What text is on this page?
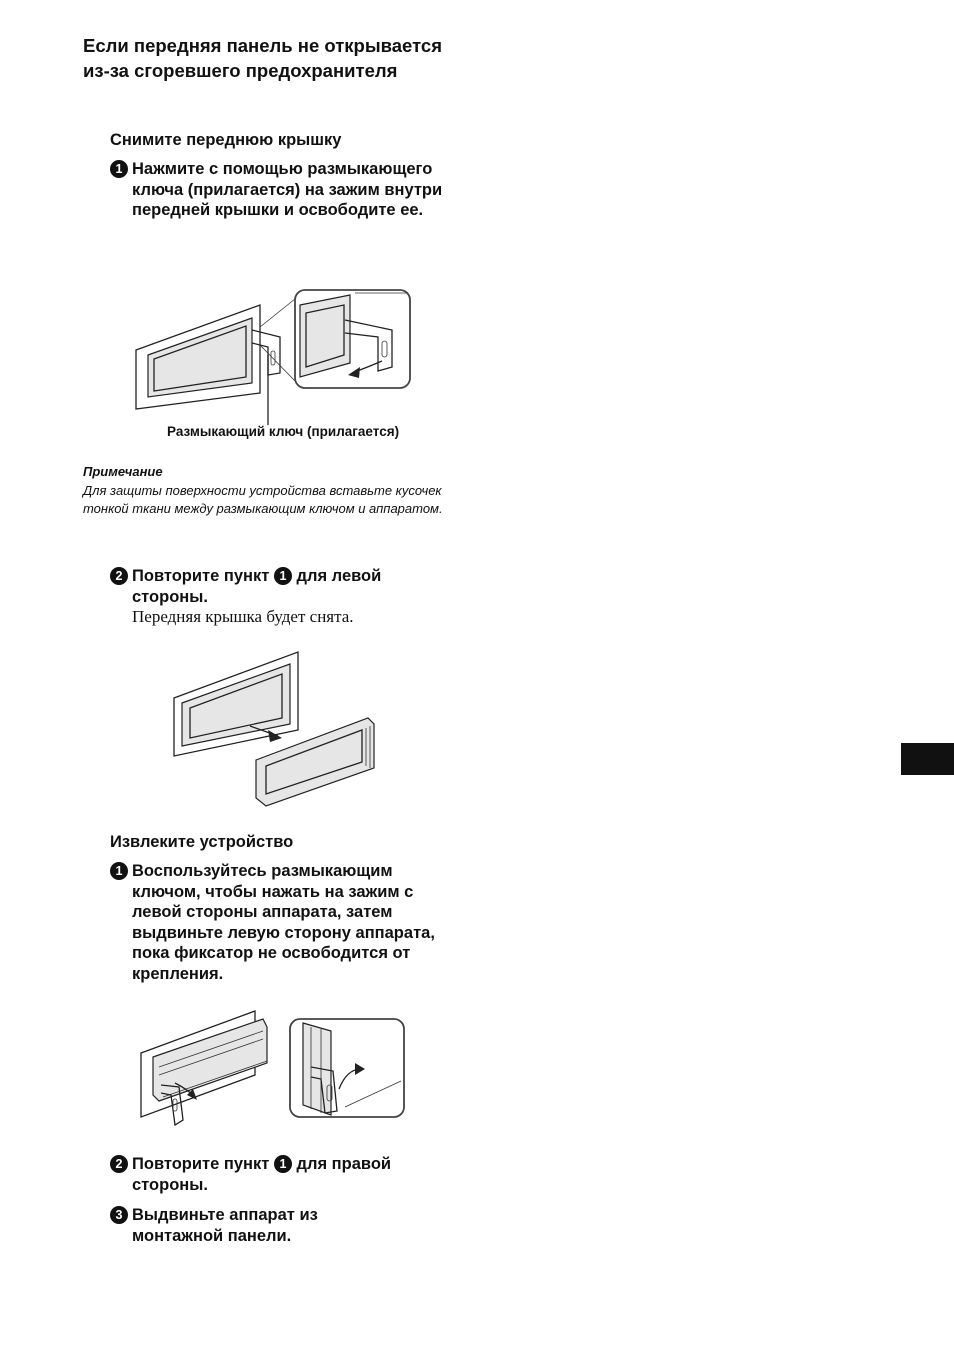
Если передняя панель не открывается из-за сгоревшего предохранителя
Снимите переднюю крышку
1 Нажмите с помощью размыкающего ключа (прилагается) на зажим внутри передней крышки и освободите ее.
Размыкающий ключ (прилагается)
Примечание
Для защиты поверхности устройства вставьте кусочек тонкой ткани между размыкающим ключом и аппаратом.
2 Повторите пункт 1 для левой стороны.
Передняя крышка будет снята.
Извлеките устройство
1 Воспользуйтесь размыкающим ключом, чтобы нажать на зажим с левой стороны аппарата, затем выдвиньте левую сторону аппарата, пока фиксатор не освободится от крепления.
2 Повторите пункт 1 для правой стороны.
3 Выдвиньте аппарат из монтажной панели.
